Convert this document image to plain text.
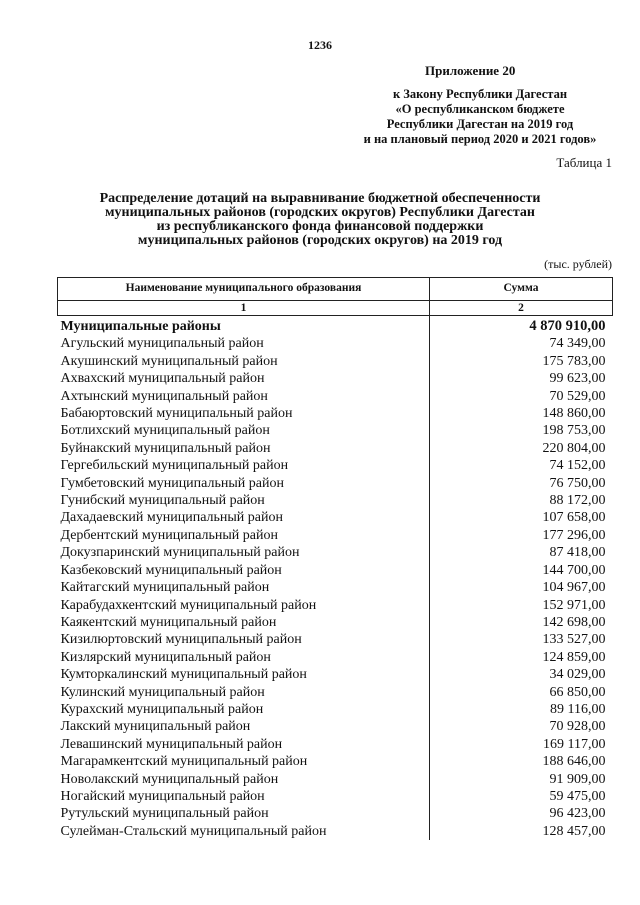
1236
Приложение 20
к Закону Республики Дагестан
«О республиканском бюджете
Республики Дагестан на 2019 год
и на плановый период 2020 и 2021 годов»
Таблица 1
Распределение дотаций на выравнивание бюджетной обеспеченности
муниципальных районов (городских округов) Республики Дагестан
из республиканского фонда финансовой поддержки
муниципальных районов (городских округов) на 2019 год
(тыс. рублей)
Наименование муниципального образования	Сумма
1	2
Муниципальные районы	4 870 910,00
Агульский муниципальный район	74 349,00
Акушинский муниципальный район	175 783,00
Ахвахский муниципальный район	99 623,00
Ахтынский муниципальный район	70 529,00
Бабаюртовский муниципальный район	148 860,00
Ботлихский муниципальный район	198 753,00
Буйнакский муниципальный район	220 804,00
Гергебильский муниципальный район	74 152,00
Гумбетовский муниципальный район	76 750,00
Гунибский муниципальный район	88 172,00
Дахадаевский муниципальный район	107 658,00
Дербентский муниципальный район	177 296,00
Докузпаринский муниципальный район	87 418,00
Казбековский муниципальный район	144 700,00
Кайтагский муниципальный район	104 967,00
Карабудахкентский муниципальный район	152 971,00
Каякентский муниципальный район	142 698,00
Кизилюртовский муниципальный район	133 527,00
Кизлярский муниципальный район	124 859,00
Кумторкалинский муниципальный район	34 029,00
Кулинский муниципальный район	66 850,00
Курахский муниципальный район	89 116,00
Лакский муниципальный район	70 928,00
Левашинский муниципальный район	169 117,00
Магарамкентский муниципальный район	188 646,00
Новолакский муниципальный район	91 909,00
Ногайский муниципальный район	59 475,00
Рутульский муниципальный район	96 423,00
Сулейман-Стальский муниципальный район	128 457,00
